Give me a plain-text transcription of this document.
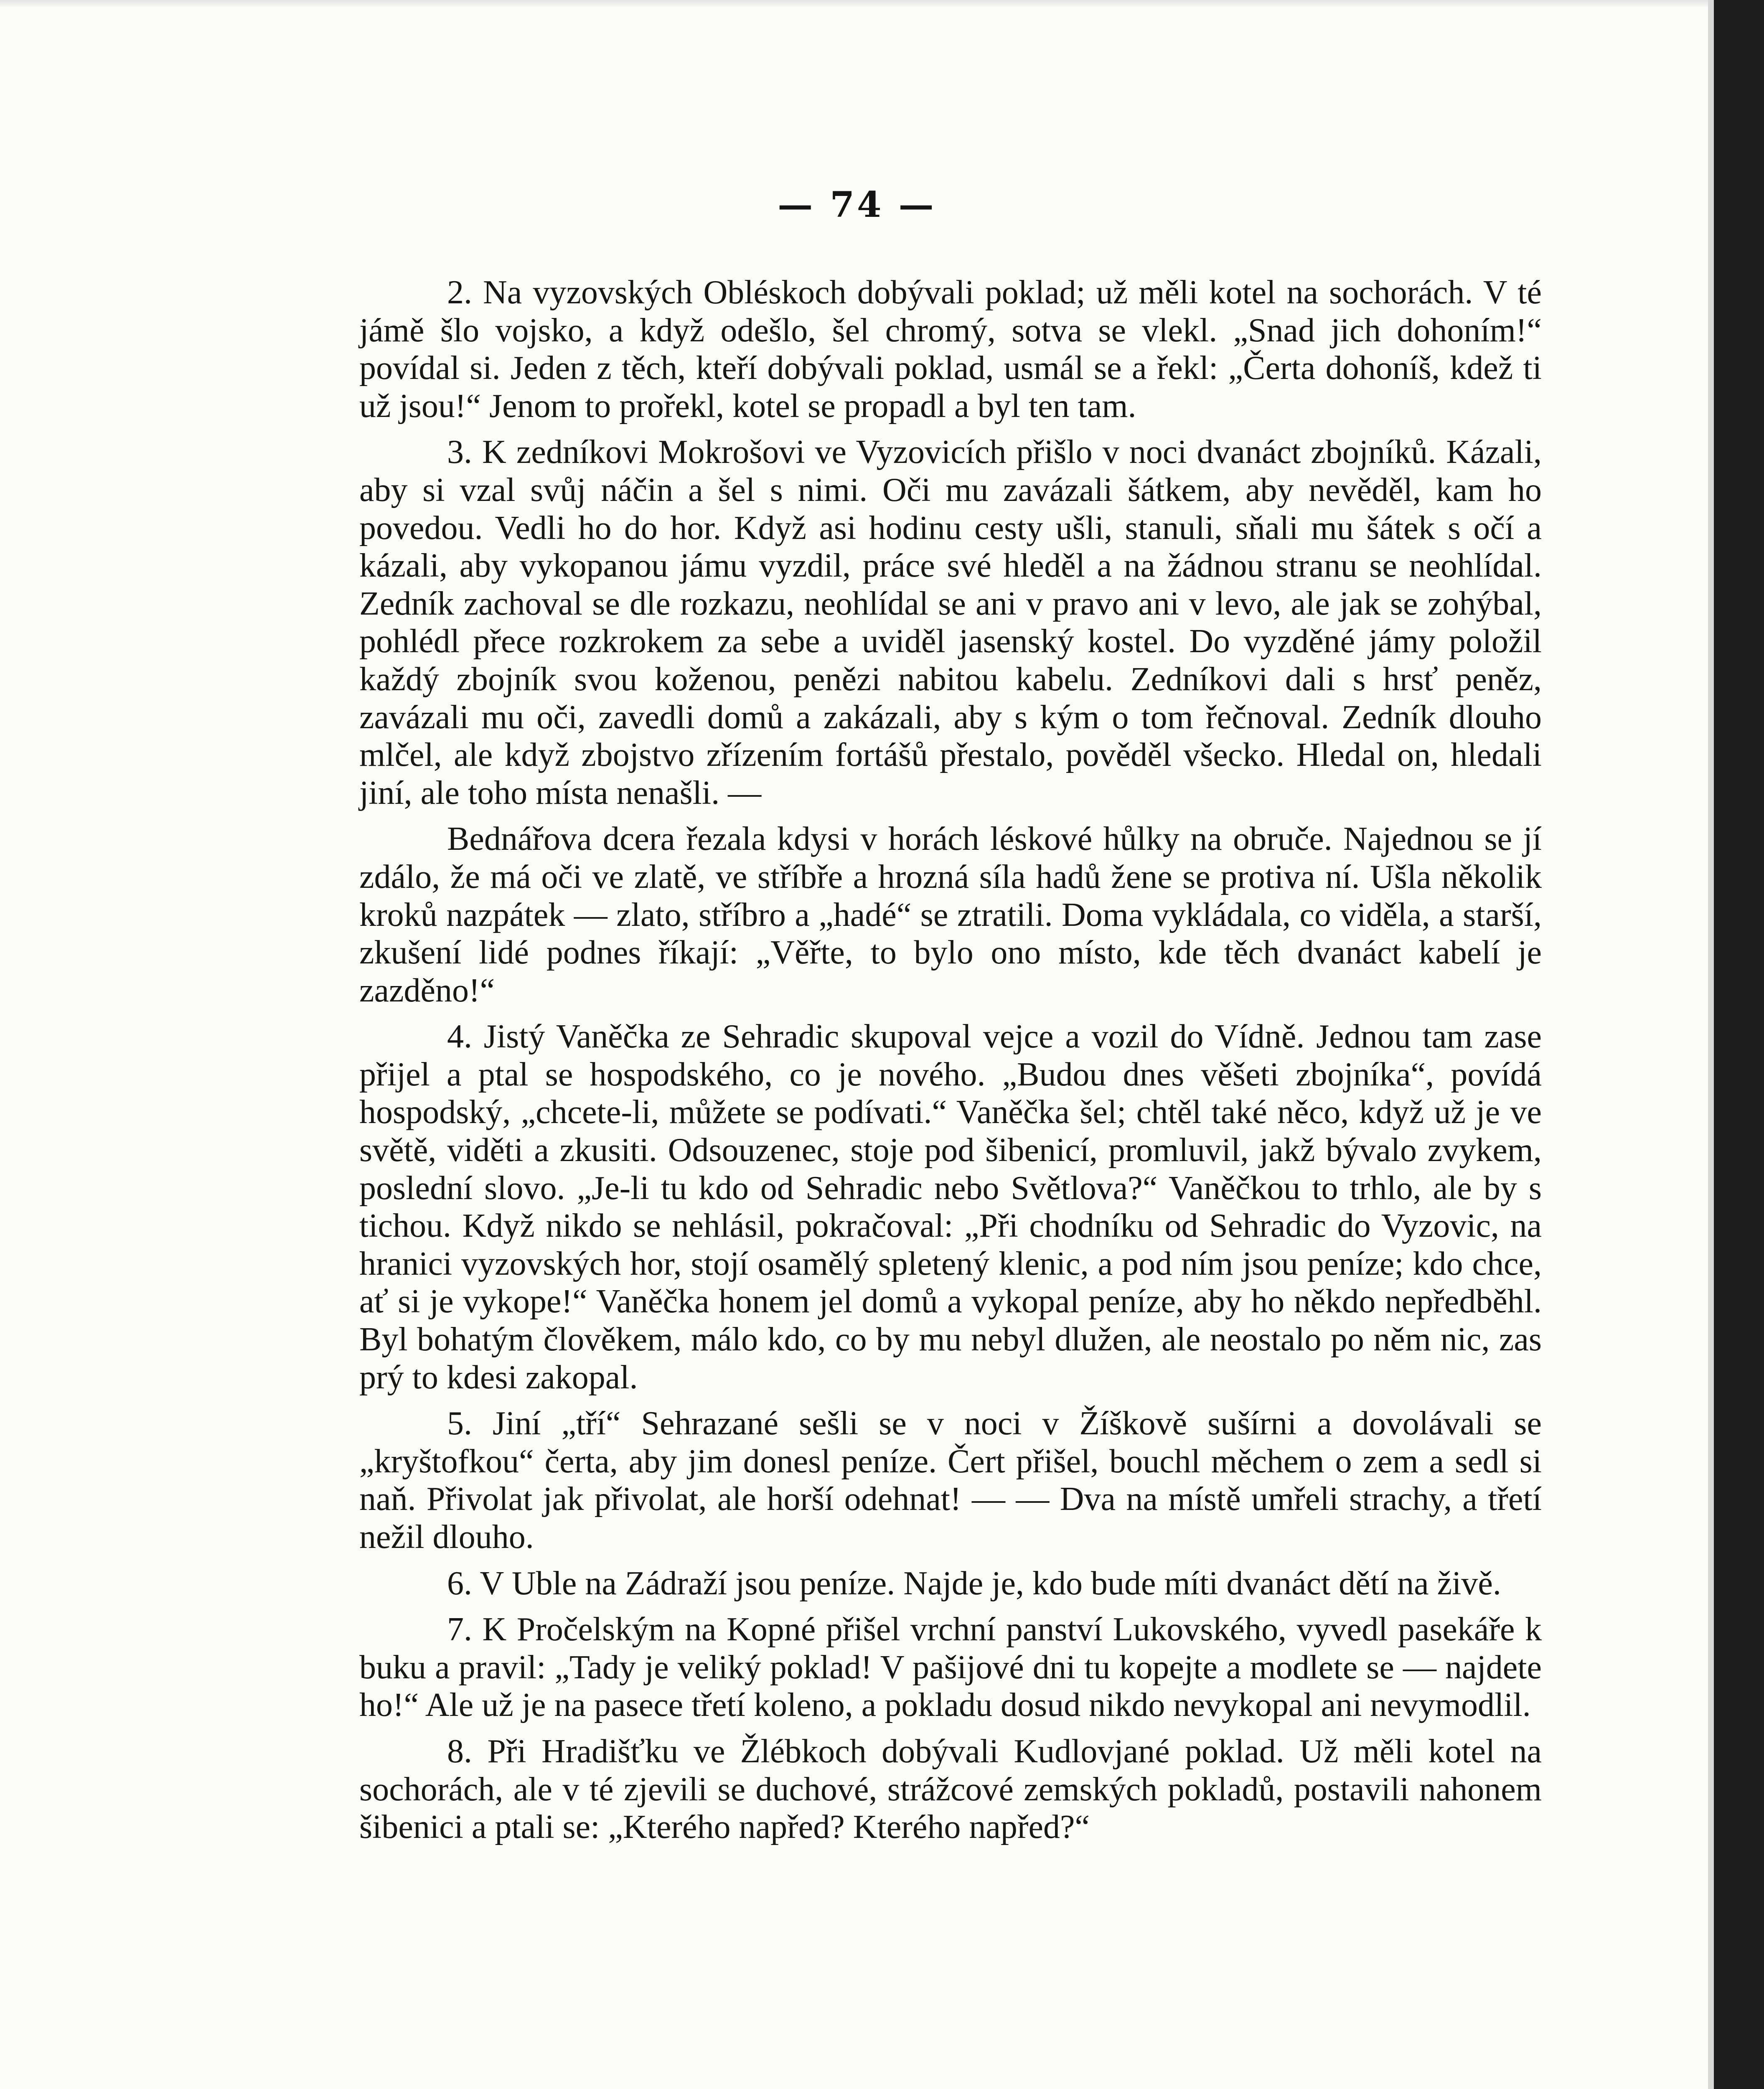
— 74 —

2. Na vyzovských Obléskoch dobývali poklad; už měli kotel na sochorách. V té jámě šlo vojsko, a když odešlo, šel chromý, sotva se vlekl. „Snad jich dohoním!“ povídal si. Jeden z těch, kteří dobývali poklad, usmál se a řekl: „Čerta dohoníš, kdež ti už jsou!“ Jenom to prořekl, kotel se propadl a byl ten tam.

3. K zedníkovi Mokrošovi ve Vyzovicích přišlo v noci dvanáct zbojníků. Kázali, aby si vzal svůj náčin a šel s nimi. Oči mu zavázali šátkem, aby nevěděl, kam ho povedou. Vedli ho do hor. Když asi hodinu cesty ušli, stanuli, sňali mu šátek s očí a kázali, aby vykopanou jámu vyzdil, práce své hleděl a na žádnou stranu se neohlídal. Zedník zachoval se dle rozkazu, neohlídal se ani v pravo ani v levo, ale jak se zohýbal, pohlédl přece rozkrokem za sebe a uviděl jasenský kostel. Do vyzděné jámy položil každý zbojník svou koženou, penězi nabitou kabelu. Zedníkovi dali s hrsť peněz, zavázali mu oči, zavedli domů a zakázali, aby s kým o tom řečnoval. Zedník dlouho mlčel, ale když zbojstvo zřízením fortášů přestalo, pověděl všecko. Hledal on, hledali jiní, ale toho místa nenašli. —

Bednářova dcera řezala kdysi v horách léskové hůlky na obruče. Najednou se jí zdálo, že má oči ve zlatě, ve stříbře a hrozná síla hadů žene se protiva ní. Ušla několik kroků nazpátek — zlato, stříbro a „hadé“ se ztratili. Doma vykládala, co viděla, a starší, zkušení lidé podnes říkají: „Věřte, to bylo ono místo, kde těch dvanáct kabelí je zazděno!“

4. Jistý Vaněčka ze Sehradic skupoval vejce a vozil do Vídně. Jednou tam zase přijel a ptal se hospodského, co je nového. „Budou dnes věšeti zbojníka“, povídá hospodský, „chcete-li, můžete se podívati.“ Vaněčka šel; chtěl také něco, když už je ve světě, viděti a zkusiti. Odsouzenec, stoje pod šibenicí, promluvil, jakž bývalo zvykem, poslední slovo. „Je-li tu kdo od Sehradic nebo Světlova?“ Vaněčkou to trhlo, ale by s tichou. Když nikdo se nehlásil, pokračoval: „Při chodníku od Sehradic do Vyzovic, na hranici vyzovských hor, stojí osamělý spletený klenic, a pod ním jsou peníze; kdo chce, ať si je vykope!“ Vaněčka honem jel domů a vykopal peníze, aby ho někdo nepředběhl. Byl bohatým člověkem, málo kdo, co by mu nebyl dlužen, ale neostalo po něm nic, zas prý to kdesi zakopal.

5. Jiní „tří“ Sehrazané sešli se v noci v Žíškově sušírni a dovolávali se „kryštofkou“ čerta, aby jim donesl peníze. Čert přišel, bouchl měchem o zem a sedl si naň. Přivolat jak přivolat, ale horší odehnat! — — Dva na místě umřeli strachy, a třetí nežil dlouho.

6. V Uble na Zádraží jsou peníze. Najde je, kdo bude míti dvanáct dětí na živě.

7. K Pročelským na Kopné přišel vrchní panství Lukovského, vyvedl pasekáře k buku a pravil: „Tady je veliký poklad! V pašijové dni tu kopejte a modlete se — najdete ho!“ Ale už je na pasece třetí koleno, a pokladu dosud nikdo nevykopal ani nevymodlil.

8. Při Hradišťku ve Žlébkoch dobývali Kudlovjané poklad. Už měli kotel na sochorách, ale v té zjevili se duchové, strážcové zemských pokladů, postavili nahonem šibenici a ptali se: „Kterého napřed? Kterého napřed?“
